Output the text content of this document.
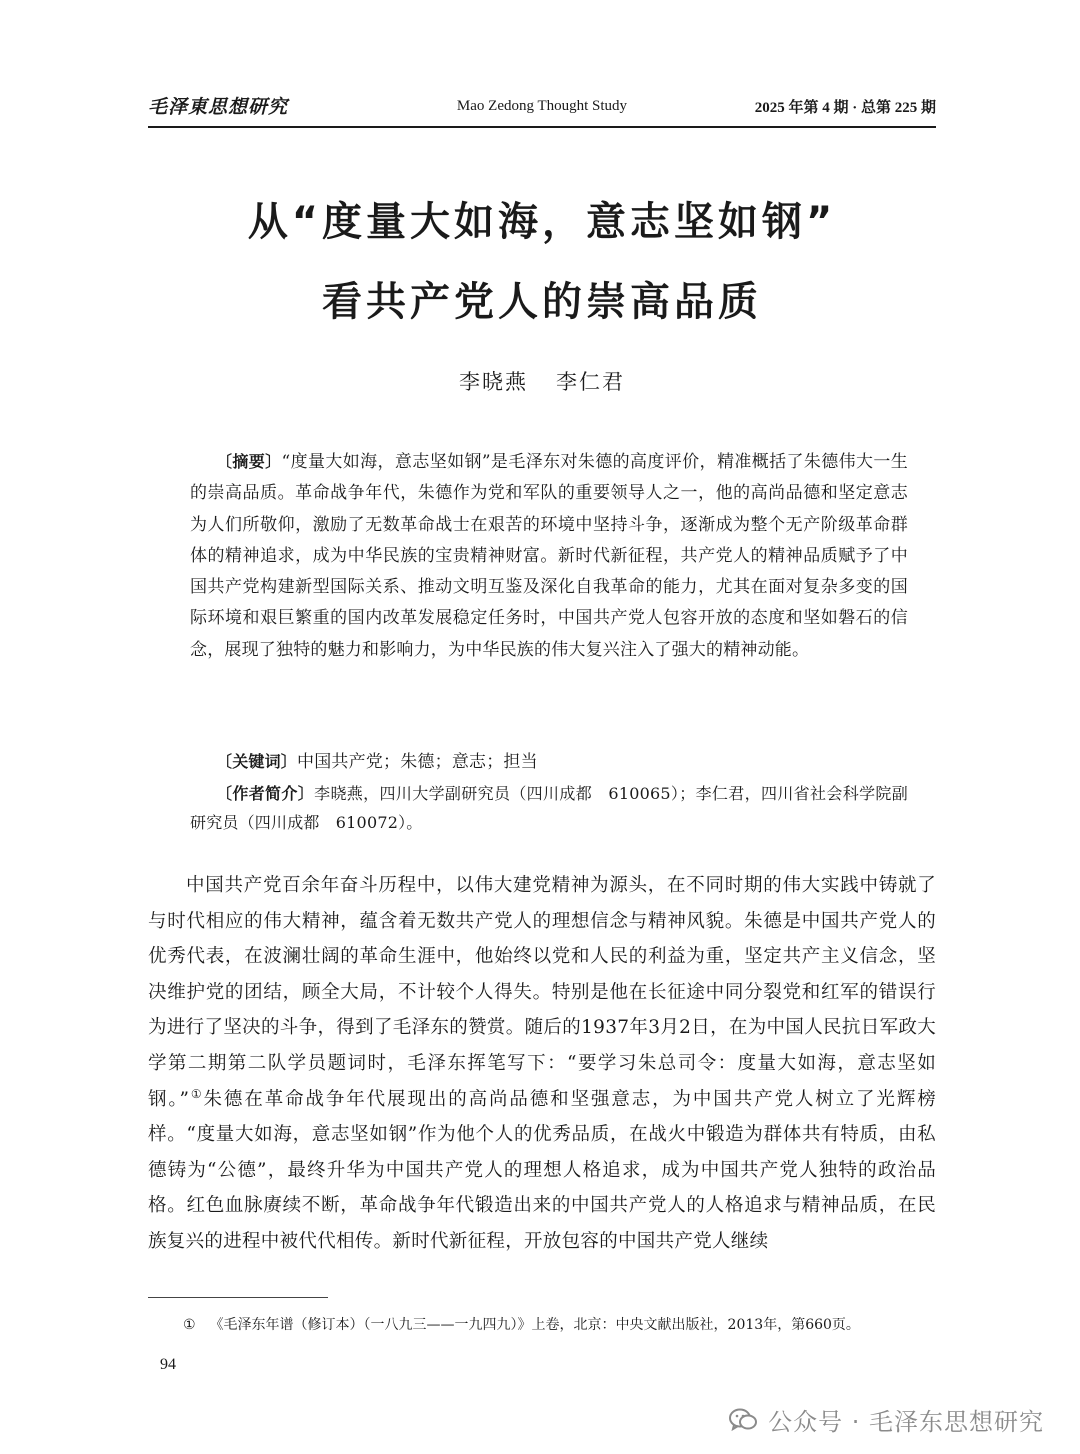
毛泽東思想研究	Mao Zedong Thought Study	2025 年第 4 期 · 总第 225 期
从“度量大如海，意志坚如钢”
看共产党人的崇高品质
李晓燕 李仁君
〔摘要〕“度量大如海，意志坚如钢”是毛泽东对朱德的高度评价，精准概括了朱德伟大一生的崇高品质。革命战争年代，朱德作为党和军队的重要领导人之一，他的高尚品德和坚定意志为人们所敬仰，激励了无数革命战士在艰苦的环境中坚持斗争，逐渐成为整个无产阶级革命群体的精神追求，成为中华民族的宝贵精神财富。新时代新征程，共产党人的精神品质赋予了中国共产党构建新型国际关系、推动文明互鉴及深化自我革命的能力，尤其在面对复杂多变的国际环境和艰巨繁重的国内改革发展稳定任务时，中国共产党人包容开放的态度和坚如磐石的信念，展现了独特的魅力和影响力，为中华民族的伟大复兴注入了强大的精神动能。
〔关键词〕中国共产党；朱德；意志；担当
〔作者简介〕李晓燕，四川大学副研究员（四川成都　610065）；李仁君，四川省社会科学院副研究员（四川成都　610072）。
中国共产党百余年奋斗历程中，以伟大建党精神为源头，在不同时期的伟大实践中铸就了与时代相应的伟大精神，蕴含着无数共产党人的理想信念与精神风貌。朱德是中国共产党人的优秀代表，在波澜壮阔的革命生涯中，他始终以党和人民的利益为重，坚定共产主义信念，坚决维护党的团结，顾全大局，不计较个人得失。特别是他在长征途中同分裂党和红军的错误行为进行了坚决的斗争，得到了毛泽东的赞赏。随后的1937年3月2日，在为中国人民抗日军政大学第二期第二队学员题词时，毛泽东挥笔写下：“要学习朱总司令：度量大如海，意志坚如钢。”①朱德在革命战争年代展现出的高尚品德和坚强意志，为中国共产党人树立了光辉榜样。“度量大如海，意志坚如钢”作为他个人的优秀品质，在战火中锻造为群体共有特质，由私德铸为“公德”，最终升华为中国共产党人的理想人格追求，成为中国共产党人独特的政治品格。红色血脉赓续不断，革命战争年代锻造出来的中国共产党人的人格追求与精神品质，在民族复兴的进程中被代代相传。新时代新征程，开放包容的中国共产党人继续
① 《毛泽东年谱（修订本）（一八九三——一九四九）》上卷，北京：中央文献出版社，2013年，第660页。
94
公众号 · 毛泽东思想研究
